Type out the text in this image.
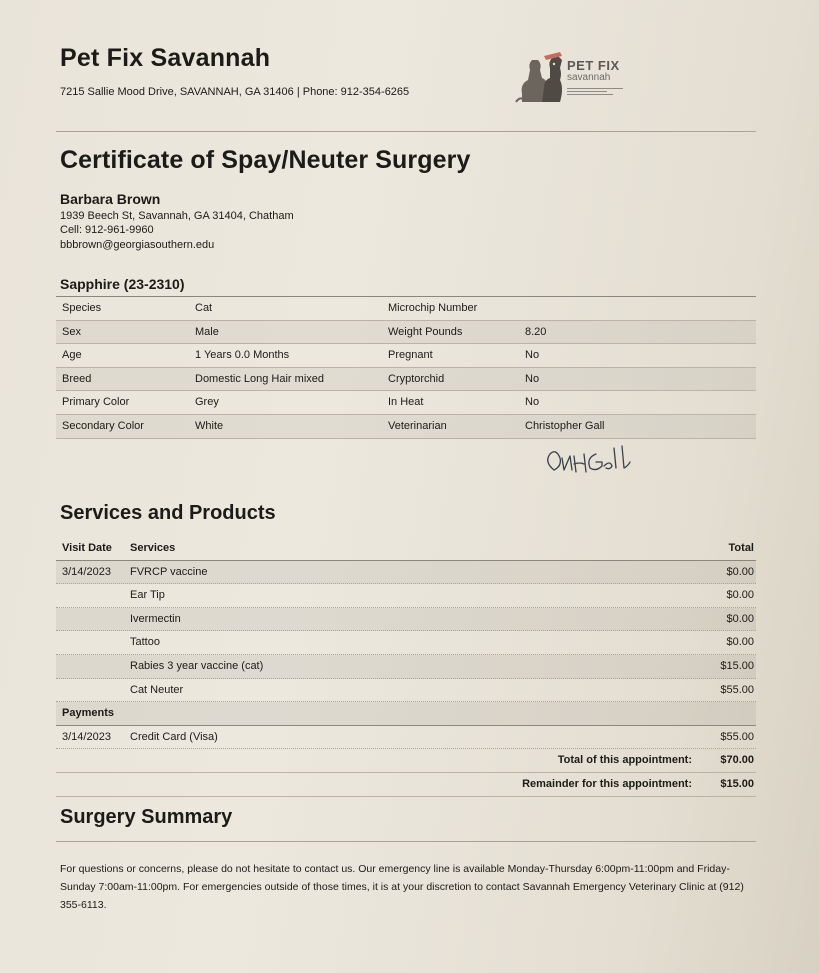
Pet Fix Savannah
7215 Sallie Mood Drive, SAVANNAH, GA 31406 | Phone: 912-354-6265
PET FIX
savannah
Certificate of Spay/Neuter Surgery
Barbara Brown
1939 Beech St, Savannah, GA 31404, Chatham
Cell: 912-961-9960
bbbrown@georgiasouthern.edu
Sapphire (23-2310)
Species	Cat	Microchip Number
Sex	Male	Weight Pounds	8.20
Age	1 Years 0.0 Months	Pregnant	No
Breed	Domestic Long Hair mixed	Cryptorchid	No
Primary Color	Grey	In Heat	No
Secondary Color	White	Veterinarian	Christopher Gall
Services and Products
Visit Date Services	Total
3/14/2023 FVRCP vaccine	$0.00
Ear Tip	$0.00
Ivermectin	$0.00
Tattoo	$0.00
Rabies 3 year vaccine (cat)	$15.00
Cat Neuter	$55.00
Payments
3/14/2023 Credit Card (Visa)	$55.00
Total of this appointment:	$70.00
Remainder for this appointment:	$15.00
Surgery Summary
For questions or concerns, please do not hesitate to contact us. Our emergency line is available Monday-Thursday 6:00pm-11:00pm and Friday-Sunday 7:00am-11:00pm. For emergencies outside of those times, it is at your discretion to contact Savannah Emergency Veterinary Clinic at (912) 355-6113.
